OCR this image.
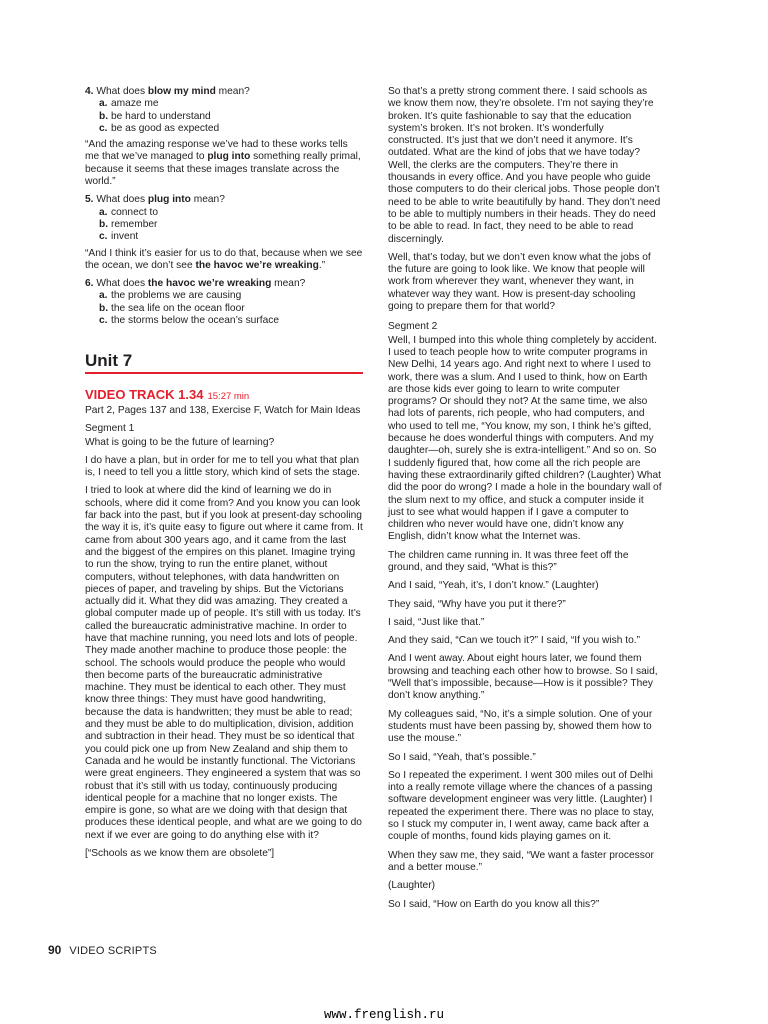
4. What does blow my mind mean?
a. amaze me
b. be hard to understand
c. be as good as expected

“And the amazing response we’ve had to these works tells me that we’ve managed to plug into something really primal, because it seems that these images translate across the world.”

5. What does plug into mean?
a. connect to
b. remember
c. invent

“And I think it’s easier for us to do that, because when we see the ocean, we don’t see the havoc we’re wreaking.”

6. What does the havoc we’re wreaking mean?
a. the problems we are causing
b. the sea life on the ocean floor
c. the storms below the ocean’s surface
Unit 7
VIDEO TRACK 1.34 15:27 min

Part 2, Pages 137 and 138, Exercise F, Watch for Main Ideas

Segment 1

What is going to be the future of learning?

I do have a plan, but in order for me to tell you what that plan is, I need to tell you a little story, which kind of sets the stage.

I tried to look at where did the kind of learning we do in schools, where did it come from? And you know you can look far back into the past, but if you look at present-day schooling the way it is, it’s quite easy to figure out where it came from. It came from about 300 years ago, and it came from the last and the biggest of the empires on this planet. Imagine trying to run the show, trying to run the entire planet, without computers, without telephones, with data handwritten on pieces of paper, and traveling by ships. But the Victorians actually did it. What they did was amazing. They created a global computer made up of people. It’s still with us today. It’s called the bureaucratic administrative machine. In order to have that machine running, you need lots and lots of people. They made another machine to produce those people: the school. The schools would produce the people who would then become parts of the bureaucratic administrative machine. They must be identical to each other. They must know three things: They must have good handwriting, because the data is handwritten; they must be able to read; and they must be able to do multiplication, division, addition and subtraction in their head. They must be so identical that you could pick one up from New Zealand and ship them to Canada and he would be instantly functional. The Victorians were great engineers. They engineered a system that was so robust that it’s still with us today, continuously producing identical people for a machine that no longer exists. The empire is gone, so what are we doing with that design that produces these identical people, and what are we going to do next if we ever are going to do anything else with it?

[“Schools as we know them are obsolete”]

So that’s a pretty strong comment there. I said schools as we know them now, they’re obsolete. I’m not saying they’re broken. It’s quite fashionable to say that the education system’s broken. It’s not broken. It’s wonderfully constructed. It’s just that we don’t need it anymore. It’s outdated. What are the kind of jobs that we have today? Well, the clerks are the computers. They’re there in thousands in every office. And you have people who guide those computers to do their clerical jobs. Those people don’t need to be able to write beautifully by hand. They don’t need to be able to multiply numbers in their heads. They do need to be able to read. In fact, they need to be able to read discerningly.

Well, that’s today, but we don’t even know what the jobs of the future are going to look like. We know that people will work from wherever they want, whenever they want, in whatever way they want. How is present-day schooling going to prepare them for that world?

Segment 2

Well, I bumped into this whole thing completely by accident. I used to teach people how to write computer programs in New Delhi, 14 years ago. And right next to where I used to work, there was a slum. And I used to think, how on Earth are those kids ever going to learn to write computer programs? Or should they not? At the same time, we also had lots of parents, rich people, who had computers, and who used to tell me, “You know, my son, I think he’s gifted, because he does wonderful things with computers. And my daughter—oh, surely she is extra-intelligent.” And so on. So I suddenly figured that, how come all the rich people are having these extraordinarily gifted children? (Laughter) What did the poor do wrong? I made a hole in the boundary wall of the slum next to my office, and stuck a computer inside it just to see what would happen if I gave a computer to children who never would have one, didn’t know any English, didn’t know what the Internet was.

The children came running in. It was three feet off the ground, and they said, “What is this?”

And I said, “Yeah, it’s, I don’t know.” (Laughter)

They said, “Why have you put it there?”

I said, “Just like that.”

And they said, “Can we touch it?” I said, “If you wish to.”

And I went away. About eight hours later, we found them browsing and teaching each other how to browse. So I said, “Well that’s impossible, because—How is it possible? They don’t know anything.”

My colleagues said, “No, it’s a simple solution. One of your students must have been passing by, showed them how to use the mouse.”

So I said, “Yeah, that’s possible.”

So I repeated the experiment. I went 300 miles out of Delhi into a really remote village where the chances of a passing software development engineer was very little. (Laughter) I repeated the experiment there. There was no place to stay, so I stuck my computer in, I went away, came back after a couple of months, found kids playing games on it.

When they saw me, they said, “We want a faster processor and a better mouse.”

(Laughter)

So I said, “How on Earth do you know all this?”

90 VIDEO SCRIPTS
www.frenglish.ru
